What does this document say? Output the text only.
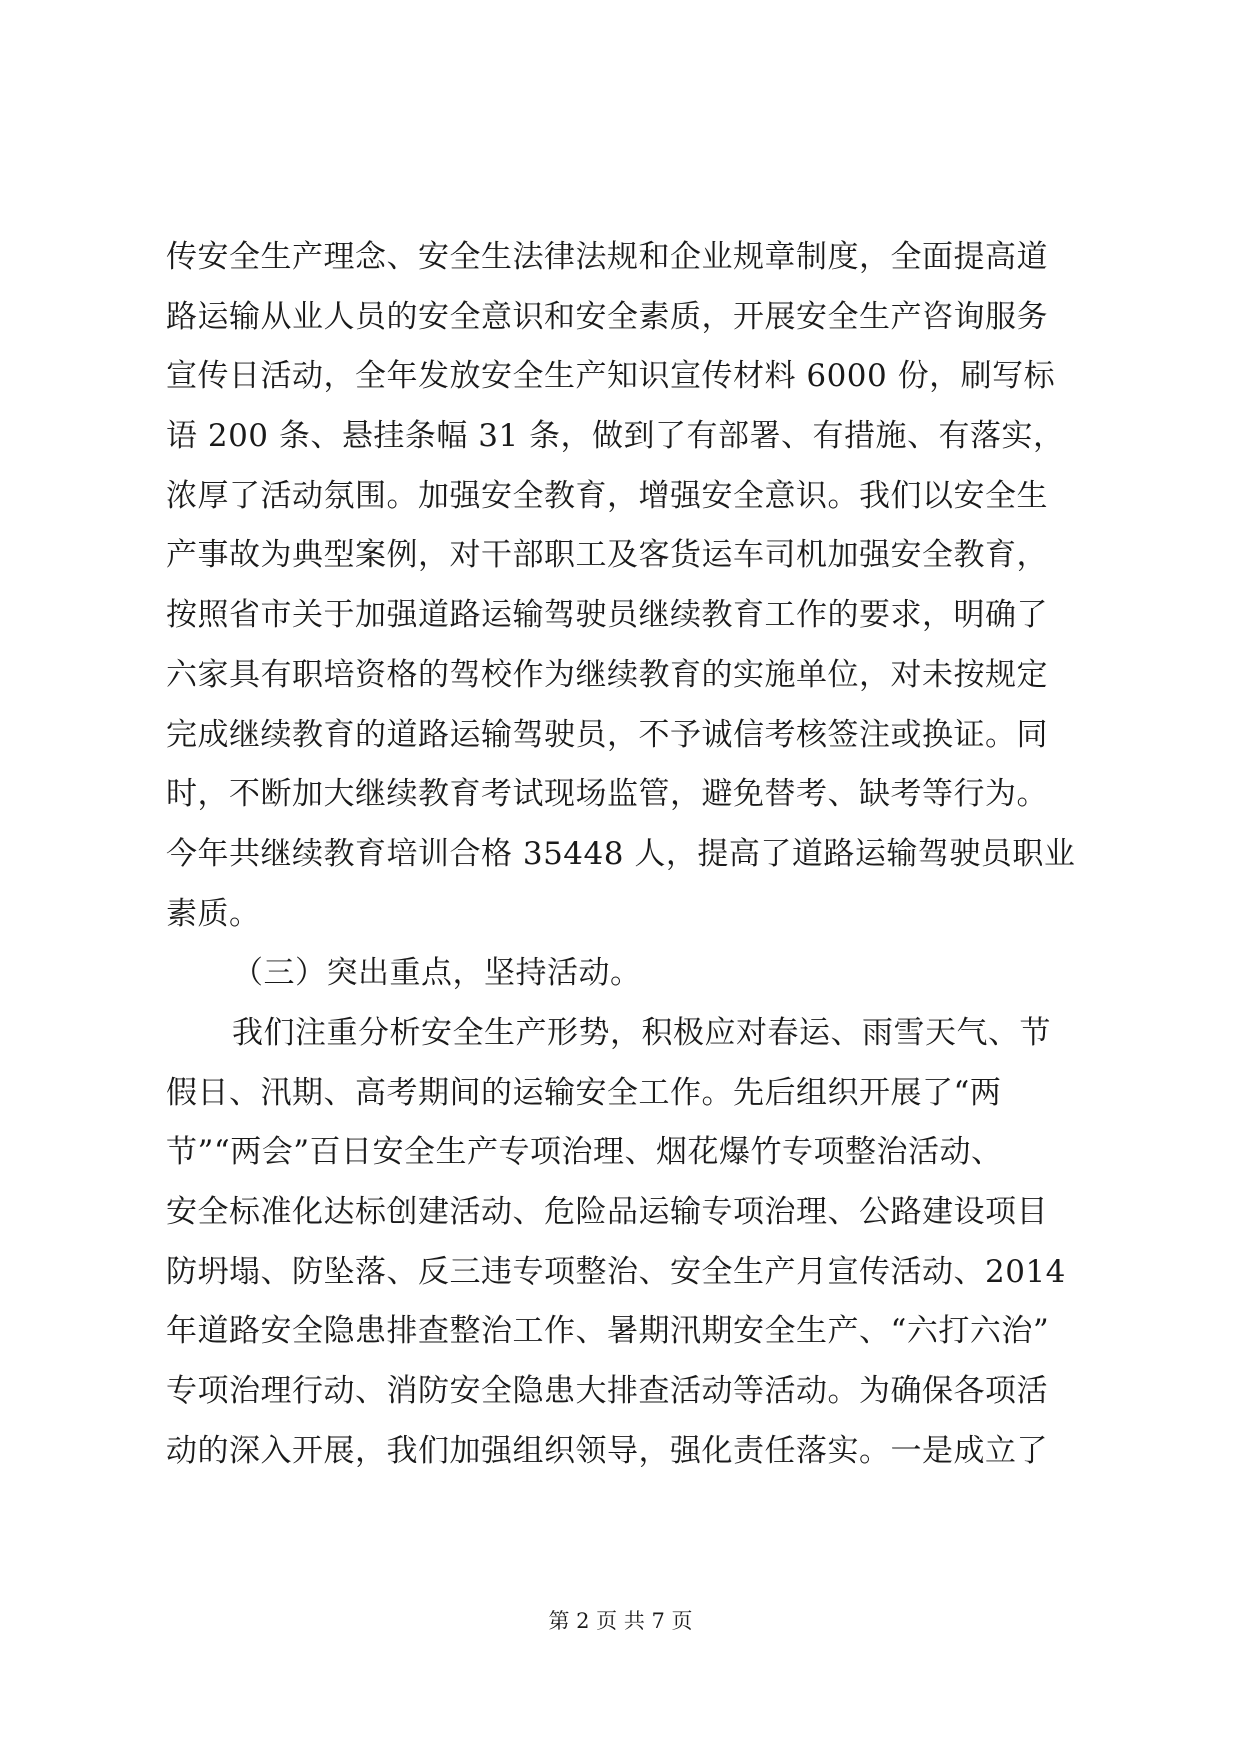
传安全生产理念、安全生法律法规和企业规章制度，全面提高道
路运输从业人员的安全意识和安全素质，开展安全生产咨询服务
宣传日活动，全年发放安全生产知识宣传材料 6000 份，刷写标
语 200 条、悬挂条幅 31 条，做到了有部署、有措施、有落实，
浓厚了活动氛围。加强安全教育，增强安全意识。我们以安全生
产事故为典型案例，对干部职工及客货运车司机加强安全教育，
按照省市关于加强道路运输驾驶员继续教育工作的要求，明确了
六家具有职培资格的驾校作为继续教育的实施单位，对未按规定
完成继续教育的道路运输驾驶员，不予诚信考核签注或换证。同
时，不断加大继续教育考试现场监管，避免替考、缺考等行为。
今年共继续教育培训合格 35448 人，提高了道路运输驾驶员职业
素质。
（三）突出重点，坚持活动。
我们注重分析安全生产形势，积极应对春运、雨雪天气、节
假日、汛期、高考期间的运输安全工作。先后组织开展了“两
节”“两会”百日安全生产专项治理、烟花爆竹专项整治活动、
安全标准化达标创建活动、危险品运输专项治理、公路建设项目
防坍塌、防坠落、反三违专项整治、安全生产月宣传活动、2014
年道路安全隐患排查整治工作、暑期汛期安全生产、“六打六治”
专项治理行动、消防安全隐患大排查活动等活动。为确保各项活
动的深入开展，我们加强组织领导，强化责任落实。一是成立了
第 2 页 共 7 页
